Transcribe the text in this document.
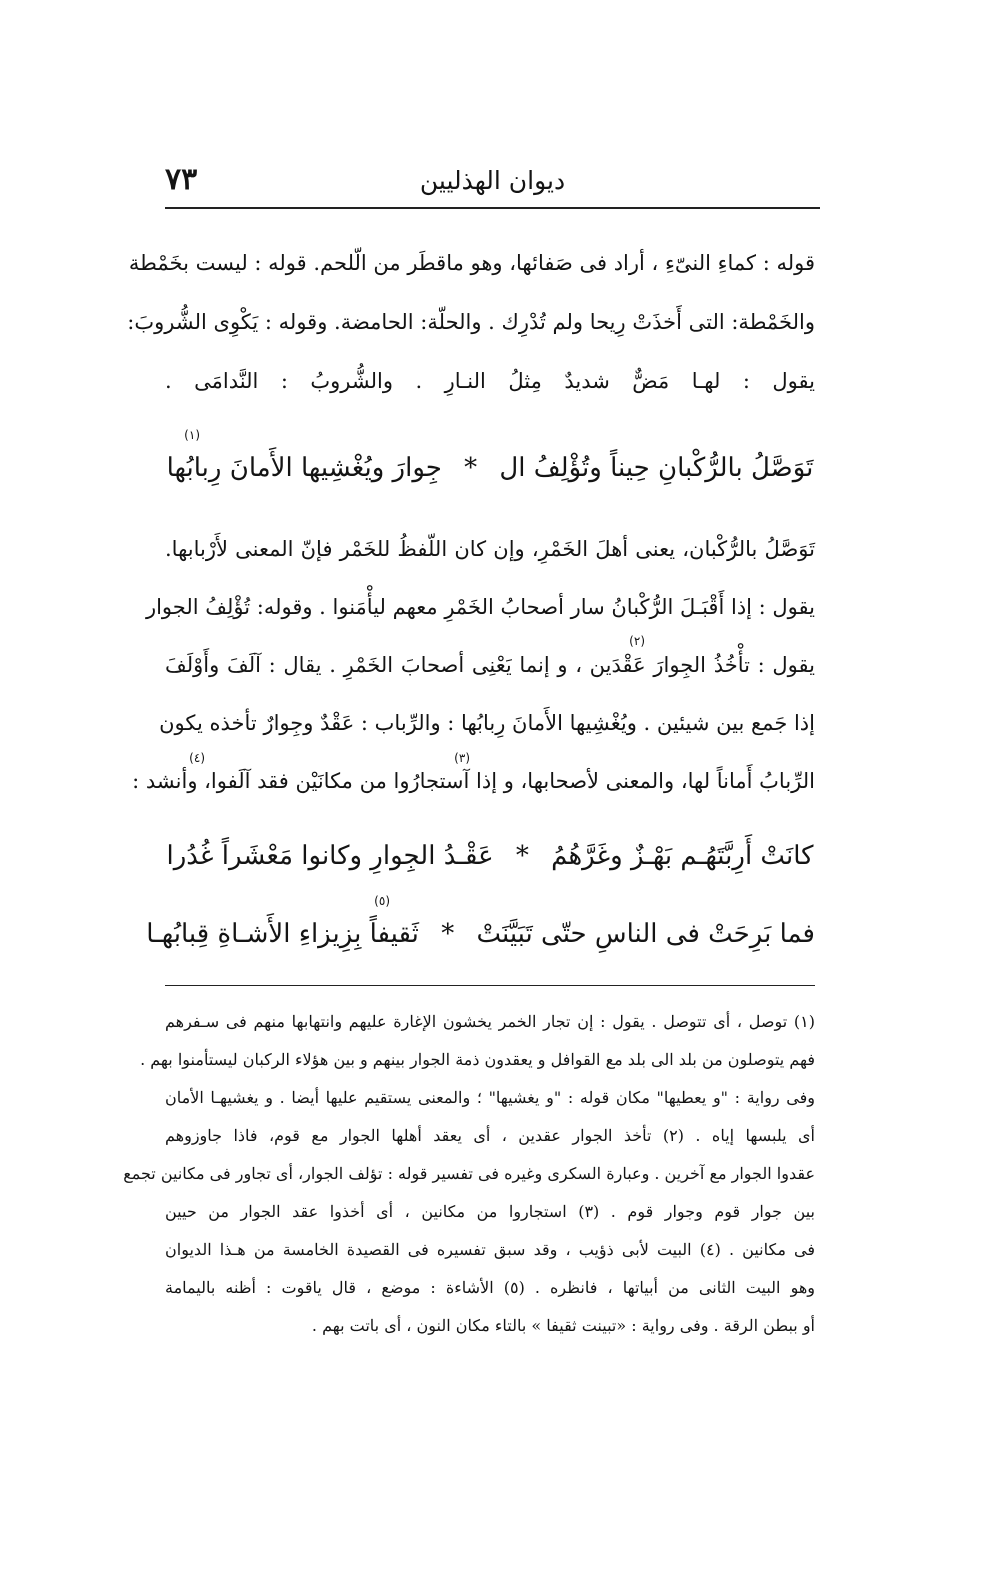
٧٣	ديوان الهذليين
قوله : كماءِ النىّءِ ، أراد فى صَفائها، وهو ماقطَر من الّلحم. قوله : ليست بخَمْطة
والخَمْطة: التى أَخذَتْ رِيحا ولم تُدْرِك . والحلّة: الحامضة. وقوله : يَكْوِى الشُّروبَ:
يقول : لهـا مَضٌّ شديدٌ مِثلُ النـارِ . والشُّروبُ : النَّدامَى .
(١)
تَوَصَّلُ بالرُّكْبانِ حِيناً وتُؤْلِفُ ال * جِوارَ ويُغْشِيها الأَمانَ رِبابُها
تَوَصَّلُ بالرُّكْبان، يعنى أهلَ الخَمْرِ، وإن كان اللّفظُ للخَمْر فإنّ المعنى لأَرْبابها.
يقول : إذا أَقْبَـلَ الرُّكْبانُ سار أصحابُ الخَمْرِ معهم ليأْمَنوا . وقوله: تُؤْلِفُ الجوار
(٢)
يقول : تأْخُذُ الجِوارَ عَقْدَين ، و إنما يَعْنِى أصحابَ الخَمْرِ . يقال : آلَفَ وأَوْلَفَ
إذا جَمع بين شيئين . ويُغْشِيها الأَمانَ رِبابُها : والرِّباب : عَقْدٌ وجِوارٌ تأخذه يكون
(٣)
(٤)
الرِّبابُ أَماناً لها، والمعنى لأصحابها، و إذا آستجارُوا من مكانَيْن فقد آلَفوا، وأنشد :
كانَتْ أَرِبَّتَهُـم بَهْـزٌ وغَرَّهُمُ * عَقْـدُ الجِوارِ وكانوا مَعْشَراً غُدُرا
(٥)
فما بَرِحَتْ فى الناسِ حتّى تَبَيَّنَتْ * ثَقيفاً بِزِيزاءِ الأَشـاةِ قِبابُهـا
(١) توصل ، أى تتوصل . يقول : إن تجار الخمر يخشون الإغارة عليهم وانتهابها منهم فى سـفرهم
فهم يتوصلون من بلد الى بلد مع القوافل و يعقدون ذمة الجوار بينهم و بين هؤلاء الركبان ليستأمنوا بهم .
وفى رواية : "و يعطيها" مكان قوله : "و يغشيها" ؛ والمعنى يستقيم عليها أيضا . و يغشيهـا الأمان
أى يلبسها إياه . (٢) تأخذ الجوار عقدين ، أى يعقد أهلها الجوار مع قوم، فاذا جاوزوهم
عقدوا الجوار مع آخرين . وعبارة السكرى وغيره فى تفسير قوله : تؤلف الجوار، أى تجاور فى مكانين تجمع
بين جوار قوم وجوار قوم . (٣) استجاروا من مكانين ، أى أخذوا عقد الجوار من حيين
فى مكانين . (٤) البيت لأبى ذؤيب ، وقد سبق تفسيره فى القصيدة الخامسة من هـذا الديوان
وهو البيت الثانى من أبياتها ، فانظره . (٥) الأشاءة : موضع ، قال ياقوت : أظنه باليمامة
أو ببطن الرقة . وفى رواية : «تبينت ثقيفا » بالتاء مكان النون ، أى باتت بهم .
